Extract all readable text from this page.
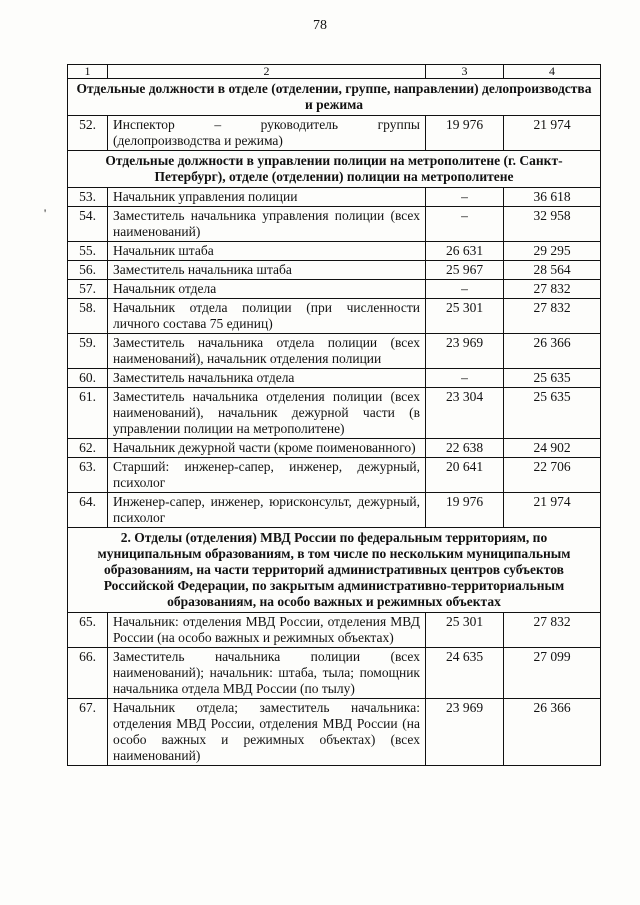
78
'
1	2	3	4
Отдельные должности в отделе (отделении, группе, направлении) делопроизводства и режима			
52.	Инспектор – руководитель группы (делопроизводства и режима)	19 976	21 974
Отдельные должности в управлении полиции на метрополитене (г. Санкт-Петербург), отделе (отделении) полиции на метрополитене			
53.	Начальник управления полиции	–	36 618
54.	Заместитель начальника управления полиции (всех наименований)	–	32 958
55.	Начальник штаба	26 631	29 295
56.	Заместитель начальника штаба	25 967	28 564
57.	Начальник отдела	–	27 832
58.	Начальник отдела полиции (при численности личного состава 75 единиц)	25 301	27 832
59.	Заместитель начальника отдела полиции (всех наименований), начальник отделения полиции	23 969	26 366
60.	Заместитель начальника отдела	–	25 635
61.	Заместитель начальника отделения полиции (всех наименований), начальник дежурной части (в управлении полиции на метрополитене)	23 304	25 635
62.	Начальник дежурной части (кроме поименованного)	22 638	24 902
63.	Старший: инженер-сапер, инженер, дежурный, психолог	20 641	22 706
64.	Инженер-сапер, инженер, юрисконсульт, дежурный, психолог	19 976	21 974
2. Отделы (отделения) МВД России по федеральным территориям, по муниципальным образованиям, в том числе по нескольким муниципальным образованиям, на части территорий административных центров субъектов Российской Федерации, по закрытым административно-территориальным образованиям, на особо важных и режимных объектах			
65.	Начальник: отделения МВД России, отделения МВД России (на особо важных и режимных объектах)	25 301	27 832
66.	Заместитель начальника полиции (всех наименований); начальник: штаба, тыла; помощник начальника отдела МВД России (по тылу)	24 635	27 099
67.	Начальник отдела; заместитель начальника: отделения МВД России, отделения МВД России (на особо важных и режимных объектах) (всех наименований)	23 969	26 366
